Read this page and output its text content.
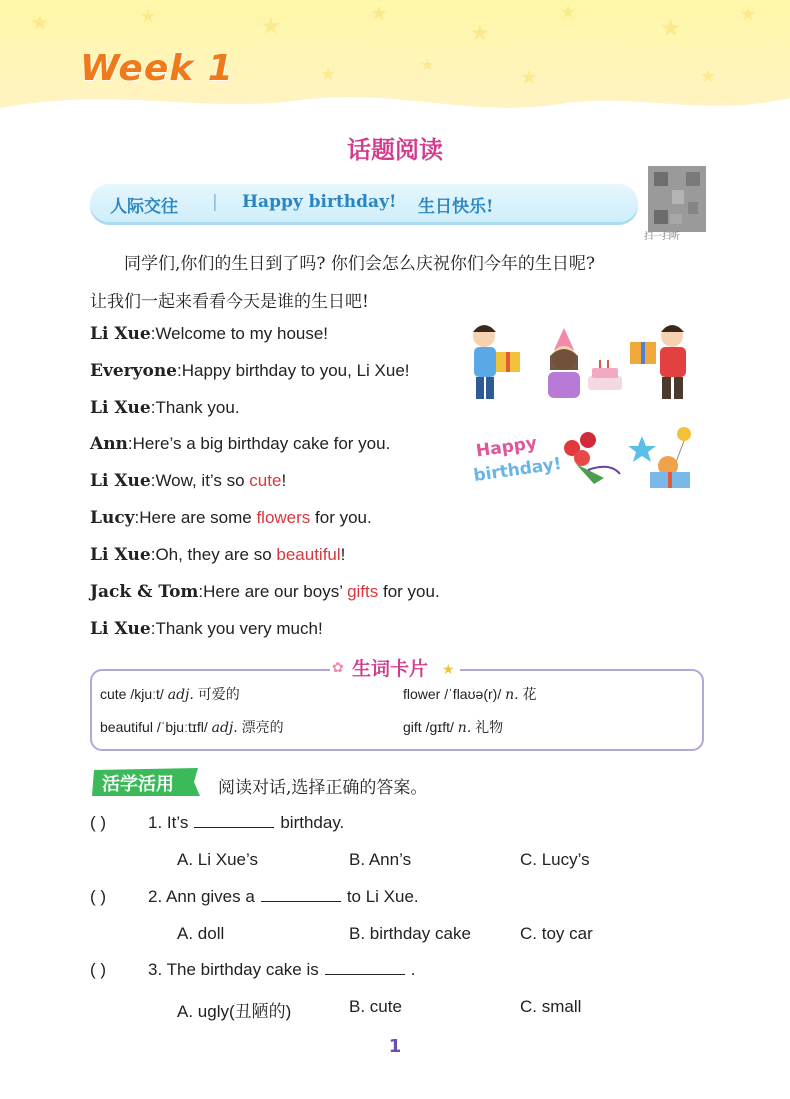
★	★	★	★
★
★
★	★
★	★	★
★
Week 1
话题阅读
人际交往 | Happy birthday! 生日快乐!
扫一扫听
同学们,你们的生日到了吗? 你们会怎么庆祝你们今年的生日呢?
让我们一起来看看今天是谁的生日吧!
Li Xue:Welcome to my house!
Everyone:Happy birthday to you, Li Xue!
Li Xue:Thank you.
Ann:Here’s a big birthday cake for you.
Li Xue:Wow, it’s so cute!
Lucy:Here are some flowers for you.
Li Xue:Oh, they are so beautiful!
Jack & Tom:Here are our boys’ gifts for you.
Li Xue:Thank you very much!
Happy
birthday!
✿	★
生词卡片
cute /kjuːt/ adj. 可爱的	flower /ˈflaʊə(r)/ n. 花
beautiful /ˈbjuːtɪfl/ adj. 漂亮的	gift /ɡɪft/ n. 礼物
活学活用	阅读对话,选择正确的答案。
( ) 1. It’s	birthday.
A. Li Xue’s	B. Ann’s	C. Lucy’s
( ) 2. Ann gives a	to Li Xue.
A. doll	B. birthday cake	C. toy car
( ) 3. The birthday cake is	.
A. ugly(丑陋的)	B. cute	C. small
1
